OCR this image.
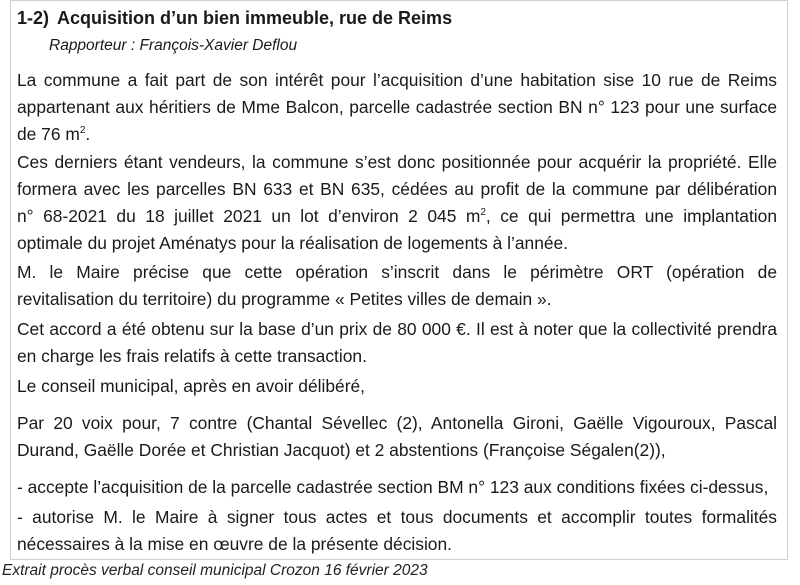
1-2) Acquisition d’un bien immeuble, rue de Reims
Rapporteur : François-Xavier Deflou
La commune a fait part de son intérêt pour l’acquisition d’une habitation sise 10 rue de Reims
appartenant aux héritiers de Mme Balcon, parcelle cadastrée section BN n° 123 pour une surface
de 76 $m^2$.
Ces derniers étant vendeurs, la commune s’est donc positionnée pour acquérir la propriété. Elle
formera avec les parcelles BN 633 et BN 635, cédées au profit de la commune par délibération
n° 68-2021 du 18 juillet 2021 un lot d’environ 2 045 $m^2$, ce qui permettra une implantation
optimale du projet Aménatys pour la réalisation de logements à l’année.
M. le Maire précise que cette opération s’inscrit dans le périmètre ORT (opération de
revitalisation du territoire) du programme « Petites villes de demain ».
Cet accord a été obtenu sur la base d’un prix de 80 000 €. Il est à noter que la collectivité prendra
en charge les frais relatifs à cette transaction.
Le conseil municipal, après en avoir délibéré,
Par 20 voix pour, 7 contre (Chantal Sévellec (2), Antonella Gironi, Gaëlle Vigouroux, Pascal
Durand, Gaëlle Dorée et Christian Jacquot) et 2 abstentions (Françoise Ségalen(2)),
- accepte l’acquisition de la parcelle cadastrée section BM n° 123 aux conditions fixées ci-dessus,
- autorise M. le Maire à signer tous actes et tous documents et accomplir toutes formalités
nécessaires à la mise en œuvre de la présente décision.
Extrait procès verbal conseil municipal Crozon 16 février 2023
